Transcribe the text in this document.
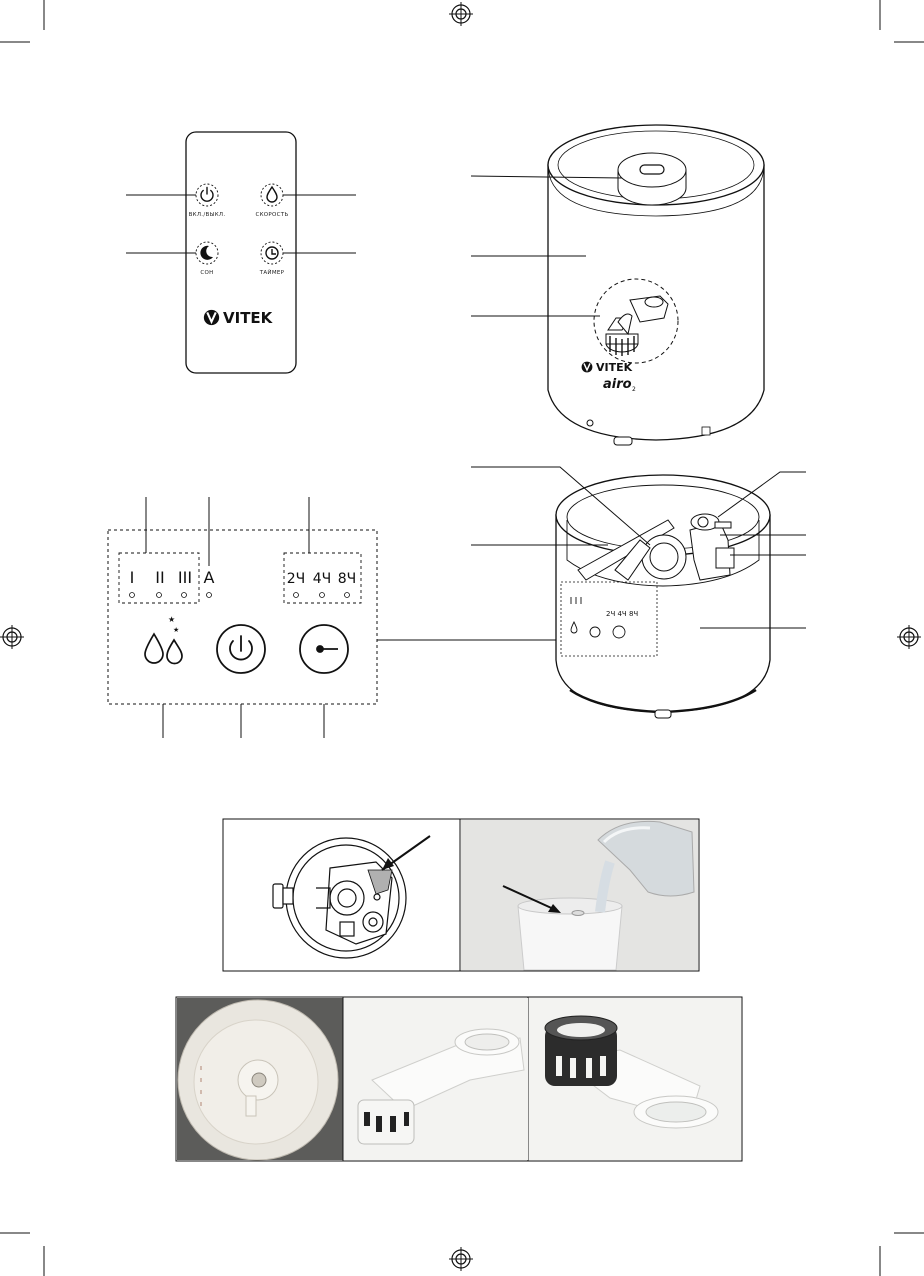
ВКЛ./ВЫКЛ.	СКОРОСТЬ
СОН	ТАЙМЕР
VITEK
VITEK
airo 2
I II III A	2Ч 4Ч 8Ч
★
★
2Ч 4Ч 8Ч
